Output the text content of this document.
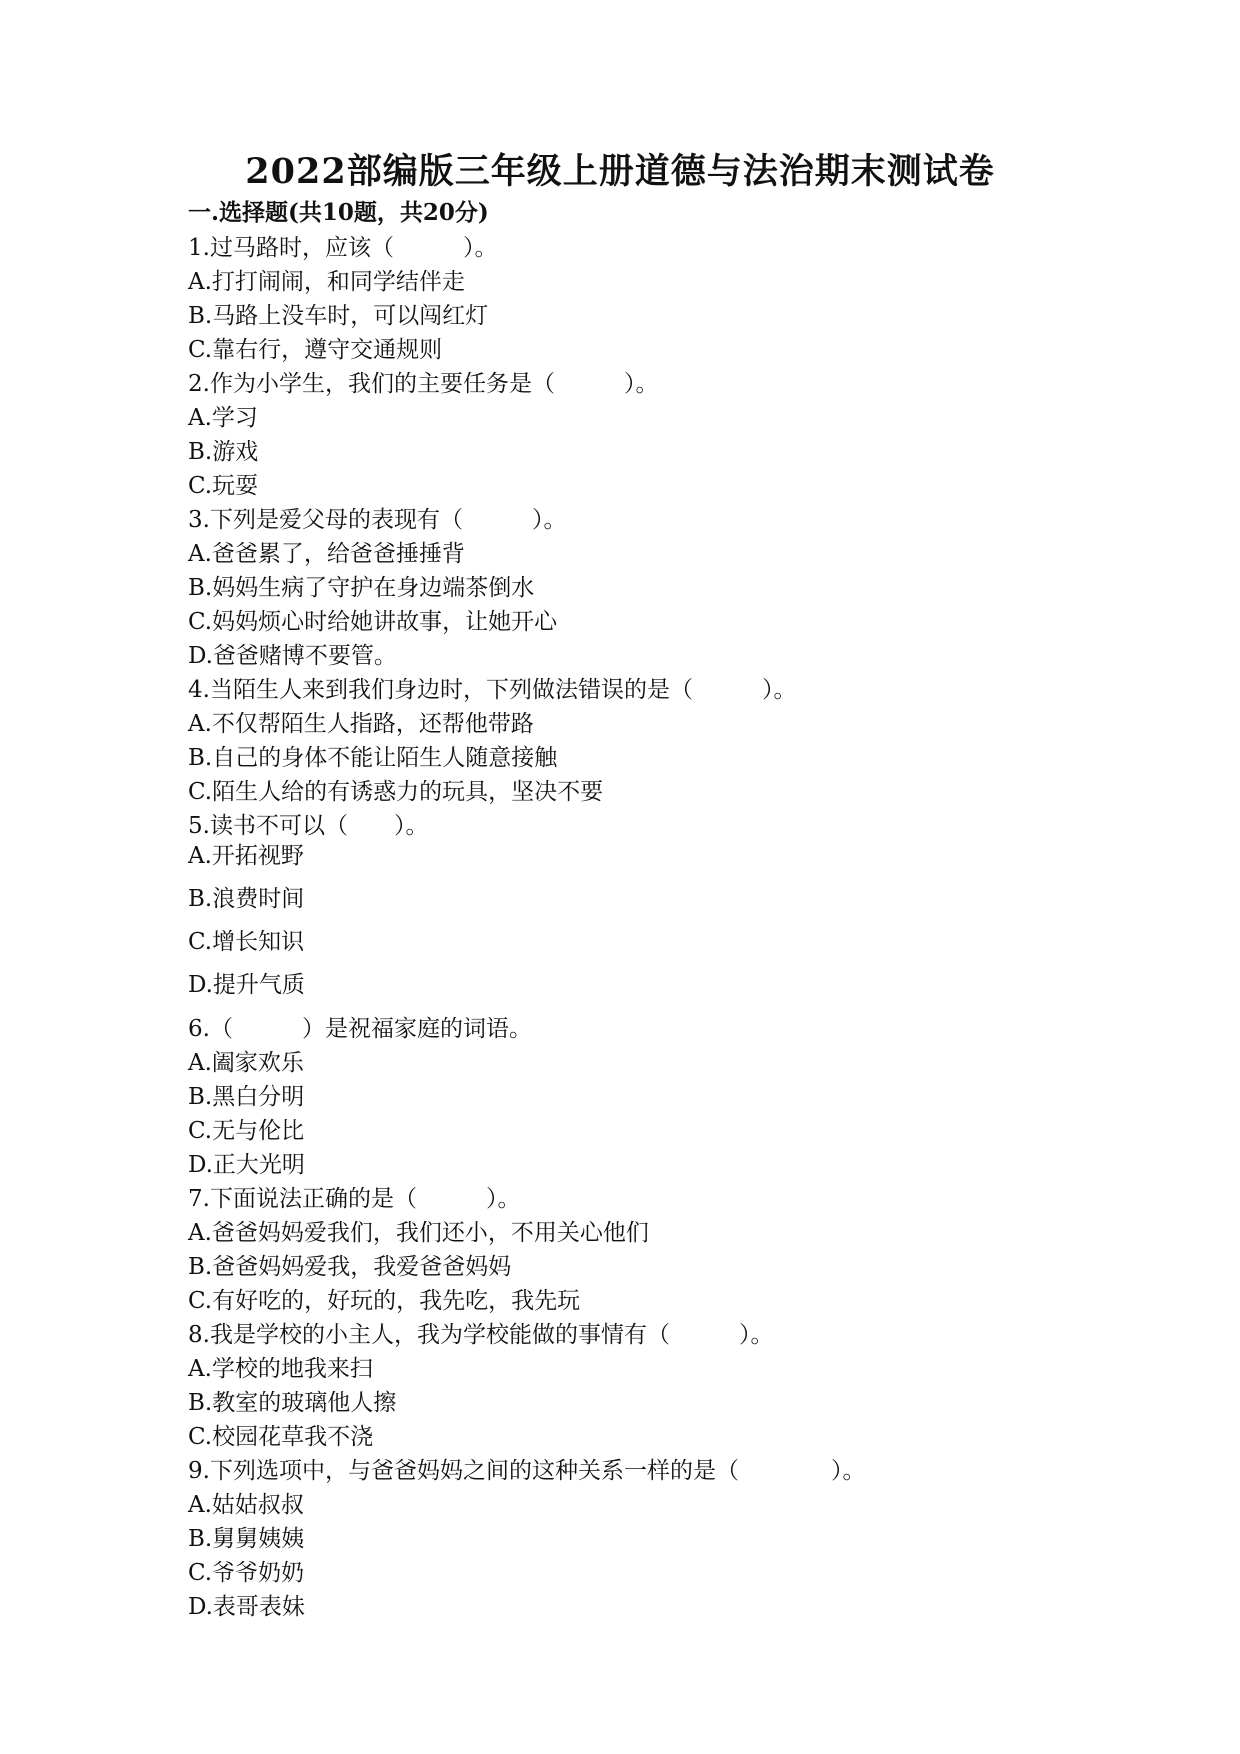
2022部编版三年级上册道德与法治期末测试卷
一.选择题(共10题，共20分)
1.过马路时，应该（　　　）。
A.打打闹闹，和同学结伴走
B.马路上没车时，可以闯红灯
C.靠右行，遵守交通规则
2.作为小学生，我们的主要任务是（　　　）。
A.学习
B.游戏
C.玩耍
3.下列是爱父母的表现有（　　　）。
A.爸爸累了，给爸爸捶捶背
B.妈妈生病了守护在身边端茶倒水
C.妈妈烦心时给她讲故事，让她开心
D.爸爸赌博不要管。
4.当陌生人来到我们身边时，下列做法错误的是（　　　）。
A.不仅帮陌生人指路，还帮他带路
B.自己的身体不能让陌生人随意接触
C.陌生人给的有诱惑力的玩具，坚决不要
5.读书不可以（　　）。
A.开拓视野
B.浪费时间
C.增长知识
D.提升气质
6.（　　　）是祝福家庭的词语。
A.阖家欢乐
B.黑白分明
C.无与伦比
D.正大光明
7.下面说法正确的是（　　　）。
A.爸爸妈妈爱我们，我们还小，不用关心他们
B.爸爸妈妈爱我，我爱爸爸妈妈
C.有好吃的，好玩的，我先吃，我先玩
8.我是学校的小主人，我为学校能做的事情有（　　　）。
A.学校的地我来扫
B.教室的玻璃他人擦
C.校园花草我不浇
9.下列选项中，与爸爸妈妈之间的这种关系一样的是（　　　　）。
A.姑姑叔叔
B.舅舅姨姨
C.爷爷奶奶
D.表哥表妹
